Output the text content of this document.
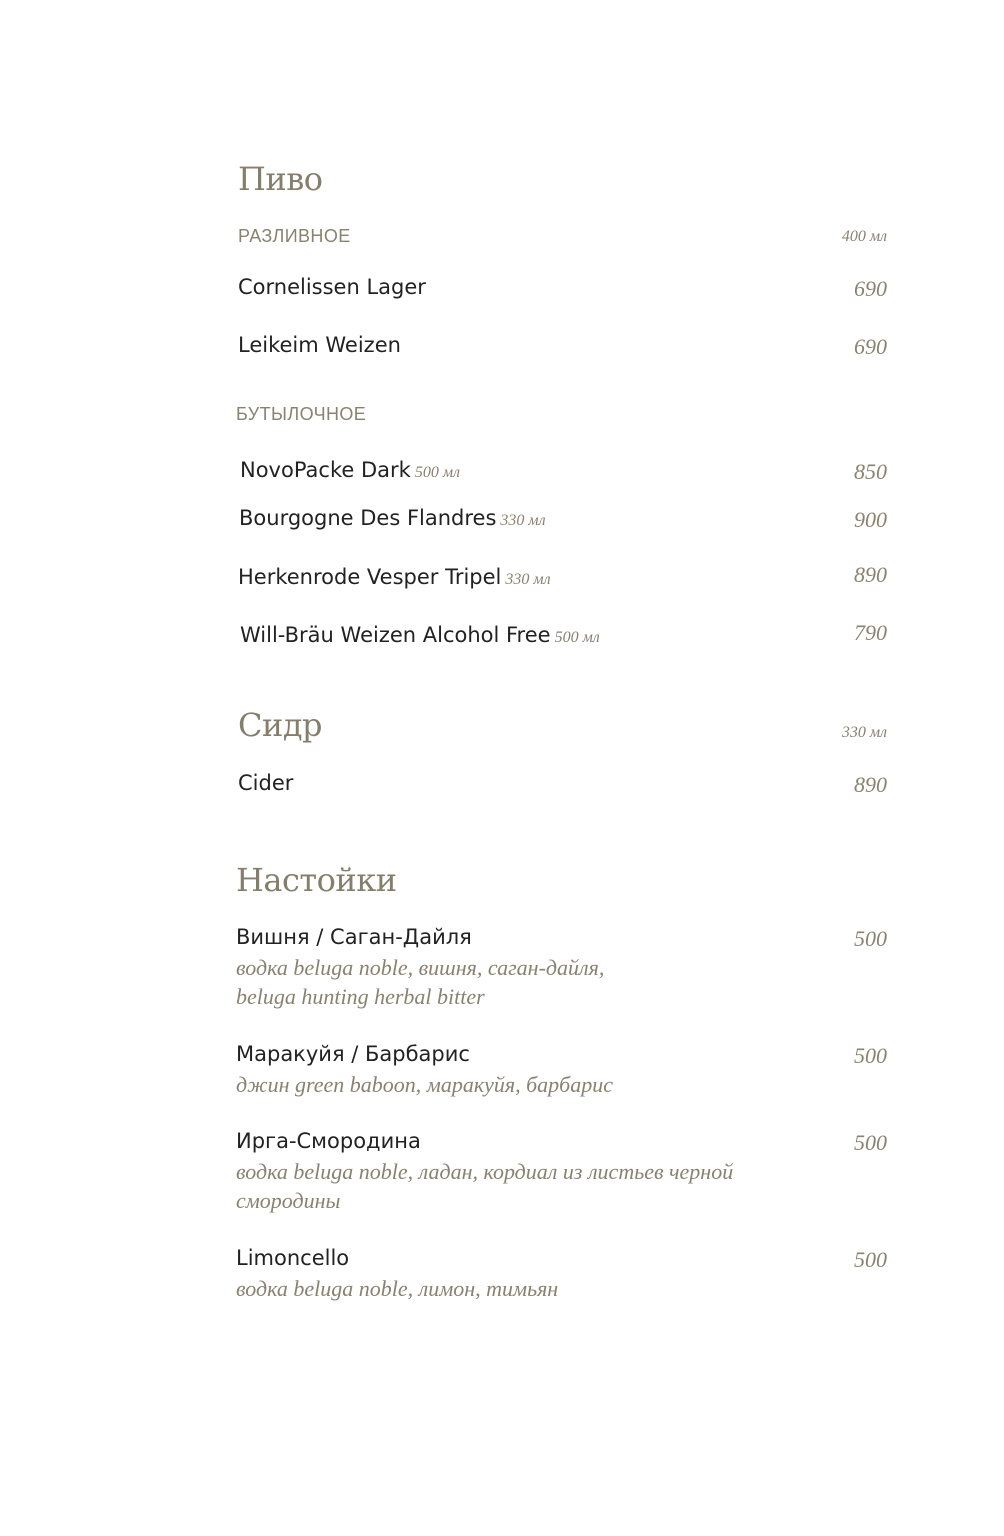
Пиво
РАЗЛИВНОЕ	400 мл
Cornelissen Lager	690
Leikeim Weizen	690
БУТЫЛОЧНОЕ
NovoPacke Dark 500 мл	850
Bourgogne Des Flandres 330 мл	900
Herkenrode Vesper Tripel 330 мл	890
Will-Bräu Weizen Alcohol Free 500 мл	790
Сидр	330 мл
Cider	890
Настойки
Вишня / Саган-Дайля	500
водка beluga noble, вишня, саган-дайля,
beluga hunting herbal bitter
Маракуйя / Барбарис	500
джин green baboon, маракуйя, барбарис
Ирга-Смородина	500
водка beluga noble, ладан, кордиал из листьев черной
смородины
Limoncello	500
водка beluga noble, лимон, тимьян
